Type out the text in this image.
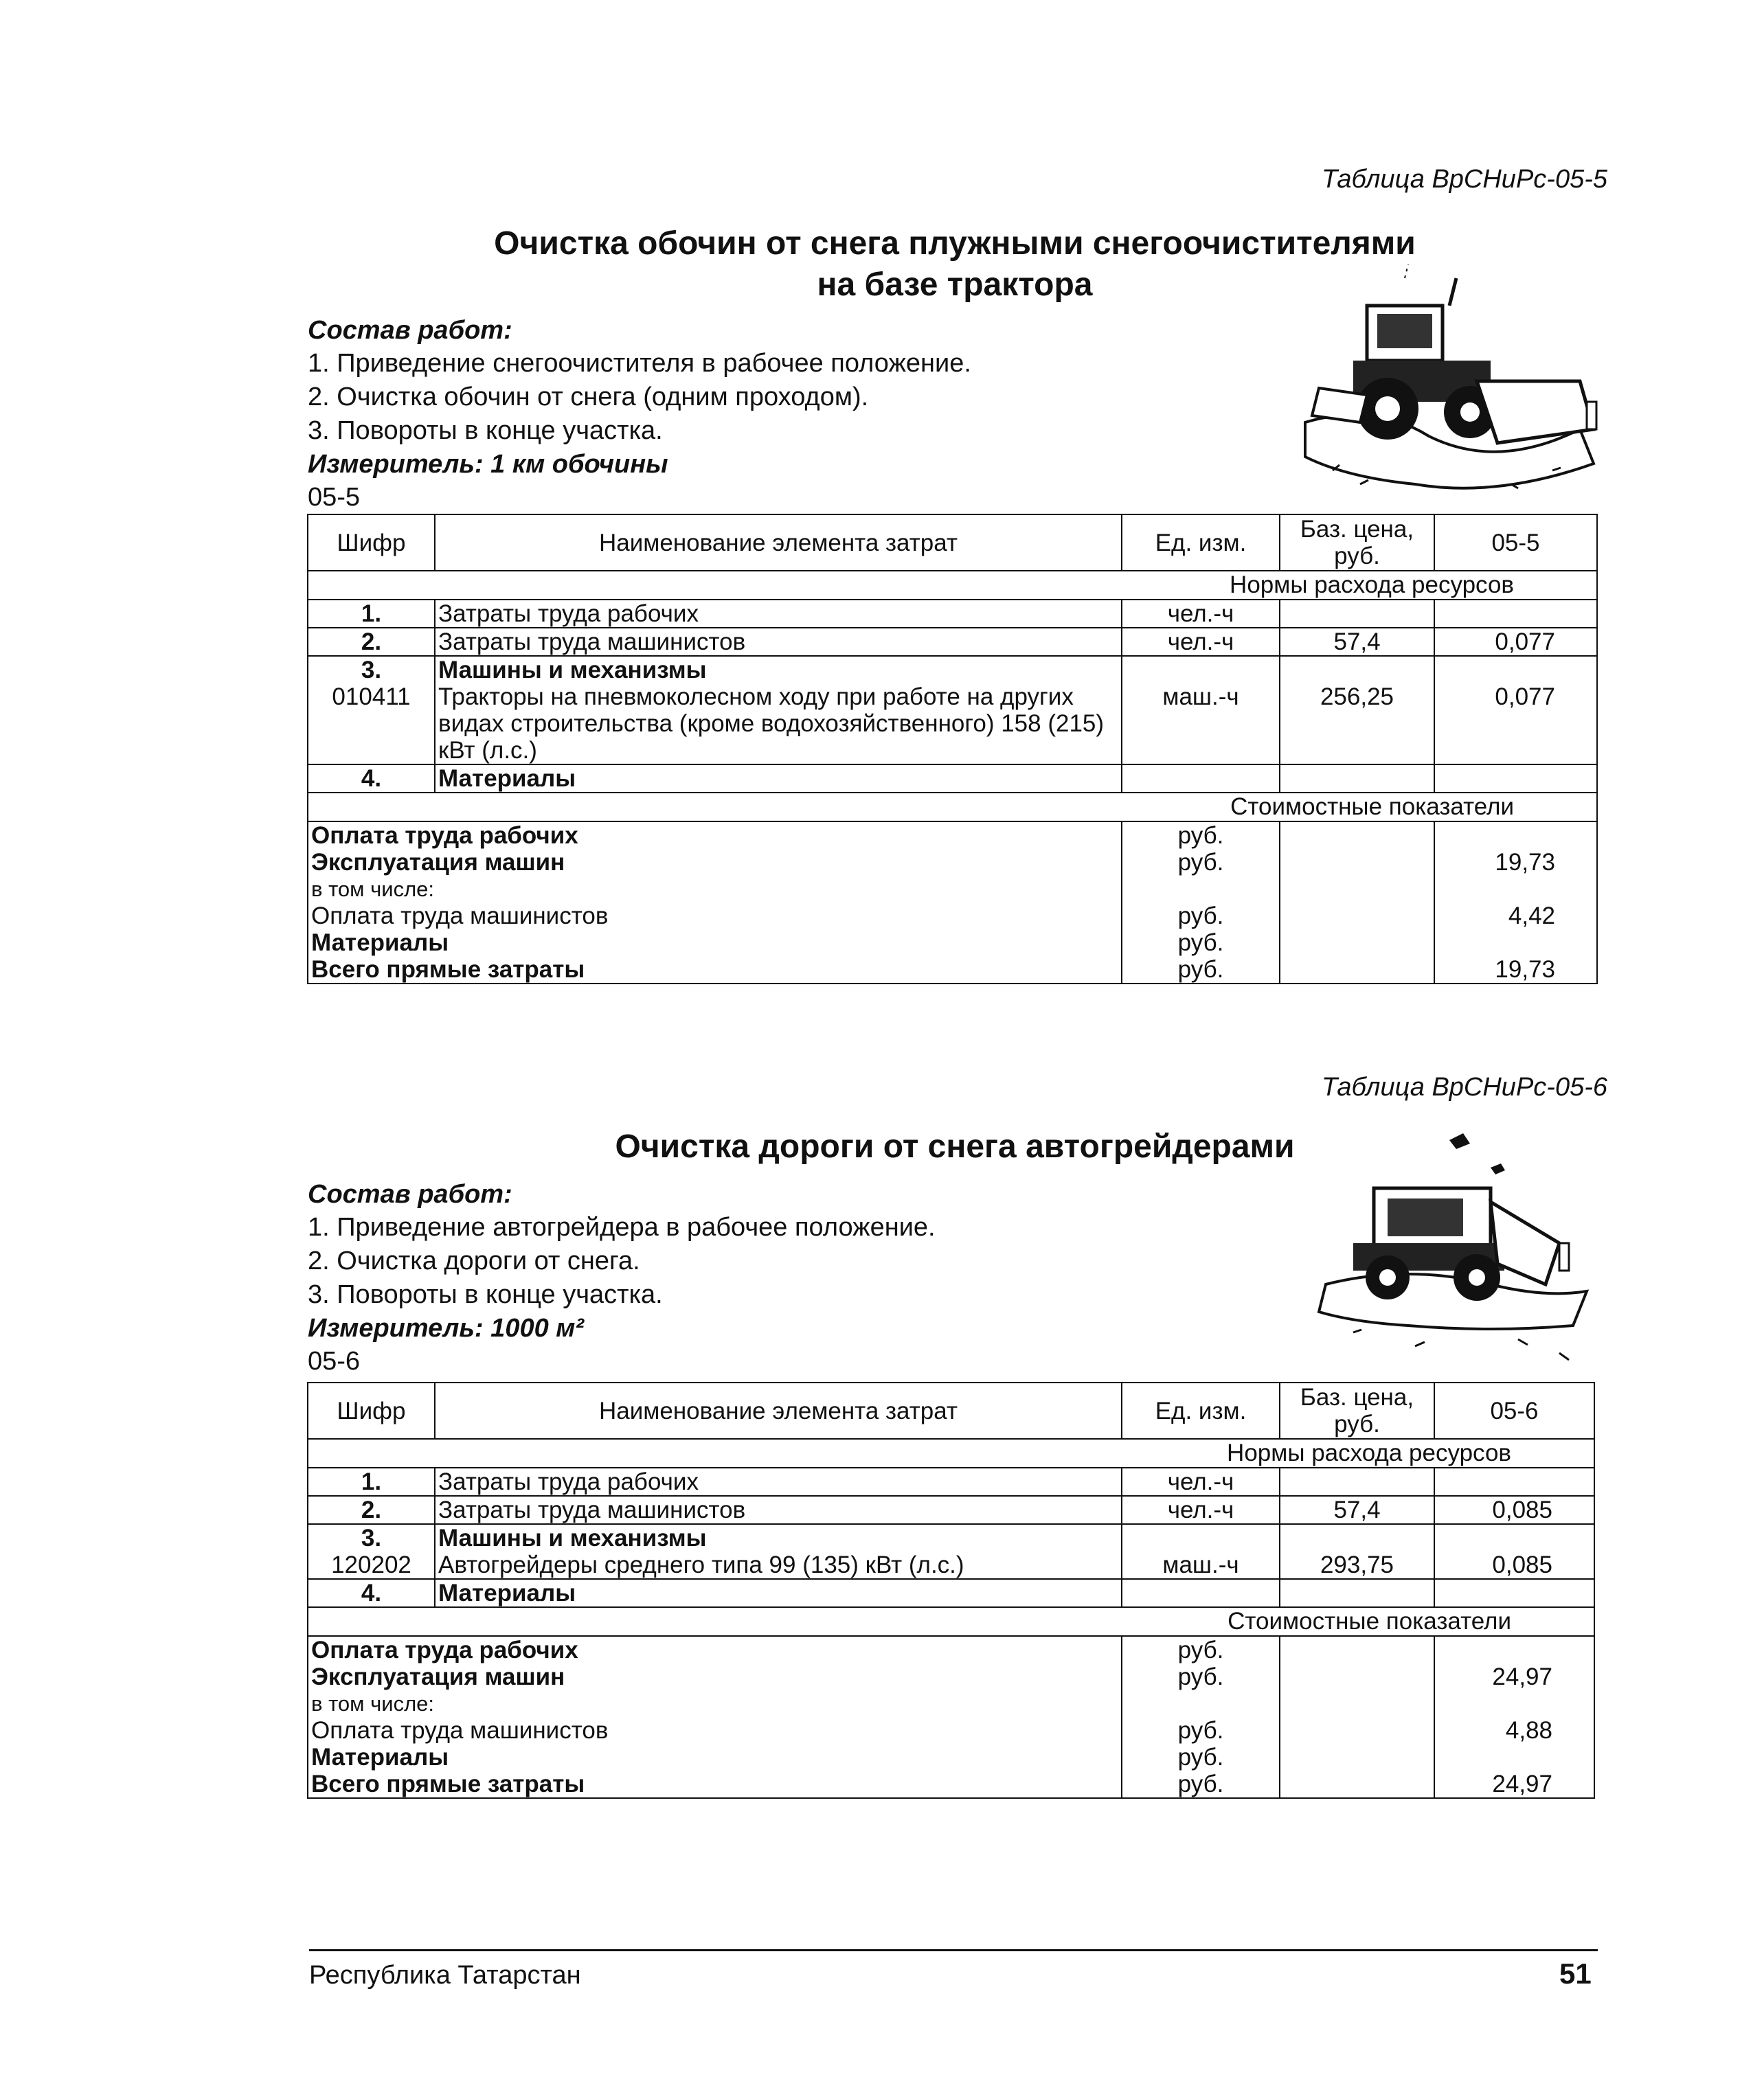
Таблица ВрСНиРс-05-5
Очистка обочин от снега плужными снегоочистителями
на базе трактора
Состав работ:
1. Приведение снегоочистителя в рабочее положение.
2. Очистка обочин от снега (одним проходом).
3. Повороты в конце участка.
Измеритель: 1 км обочины
05-5
Шифр	Наименование элемента затрат	Ед. изм.	Баз. цена, руб.	05-5
Нормы расхода ресурсов				
1.	Затраты труда рабочих	чел.-ч		
2.	Затраты труда машинистов	чел.-ч	57,4	0,077
3.	Машины и механизмы			
010411	Тракторы на пневмоколесном ходу при работе на других видах строительства (кроме водохозяйственного) 158 (215) кВт (л.с.)	маш.-ч	256,25	0,077
4.	Материалы			
Стоимостные показатели				
Оплата труда рабочих		руб.		
Эксплуатация машин		руб.		19,73
в том числе:				
Оплата труда машинистов		руб.		4,42
Материалы		руб.		
Всего прямые затраты		руб.		19,73
Таблица ВрСНиРс-05-6
Очистка дороги от снега автогрейдерами
Состав работ:
1. Приведение автогрейдера в рабочее положение.
2. Очистка дороги от снега.
3. Повороты в конце участка.
Измеритель: 1000 м²
05-6
Шифр	Наименование элемента затрат	Ед. изм.	Баз. цена, руб.	05-6
Нормы расхода ресурсов				
1.	Затраты труда рабочих	чел.-ч		
2.	Затраты труда машинистов	чел.-ч	57,4	0,085
3.	Машины и механизмы			
120202	Автогрейдеры среднего типа 99 (135) кВт (л.с.)	маш.-ч	293,75	0,085
4.	Материалы			
Стоимостные показатели				
Оплата труда рабочих		руб.		
Эксплуатация машин		руб.		24,97
в том числе:				
Оплата труда машинистов		руб.		4,88
Материалы		руб.		
Всего прямые затраты		руб.		24,97
Республика Татарстан	51
